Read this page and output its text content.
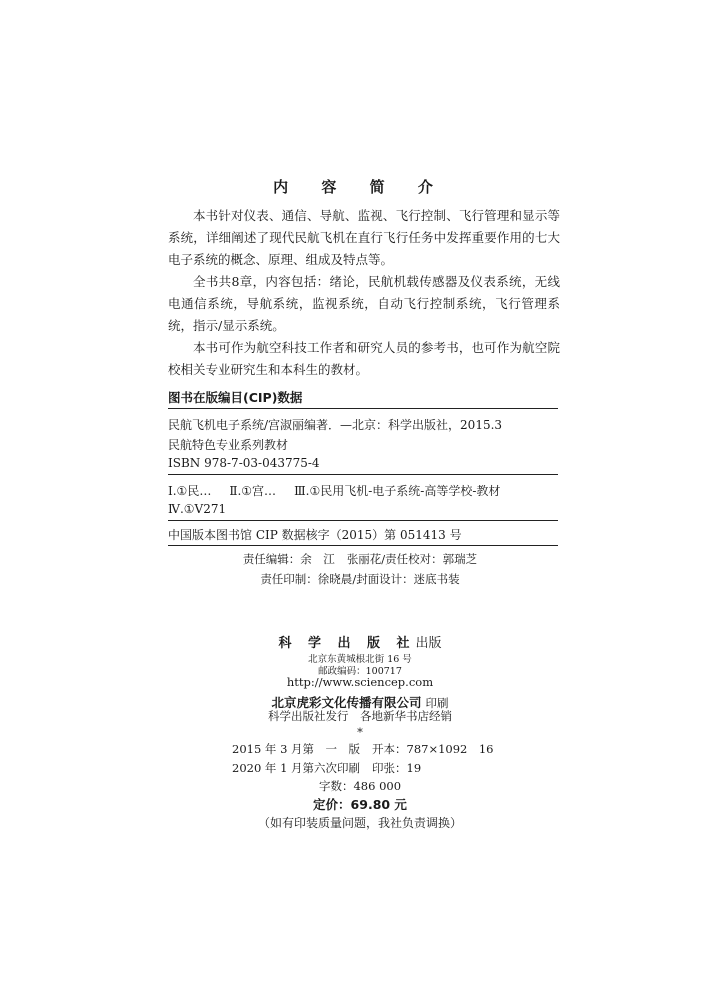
内 容 简 介

本书针对仪表、通信、导航、监视、飞行控制、飞行管理和显示等系统，详细阐述了现代民航飞机在直行飞行任务中发挥重要作用的七大电子系统的概念、原理、组成及特点等。

全书共8章，内容包括：绪论，民航机载传感器及仪表系统，无线电通信系统，导航系统，监视系统，自动飞行控制系统，飞行管理系统，指示/显示系统。

本书可作为航空科技工作者和研究人员的参考书，也可作为航空院校相关专业研究生和本科生的教材。

图书在版编目(CIP)数据
民航飞机电子系统/宫淑丽编著．—北京：科学出版社，2015.3
民航特色专业系列教材
ISBN 978-7-03-043775-4
Ⅰ.①民… Ⅱ.①宫… Ⅲ.①民用飞机-电子系统-高等学校-教材
Ⅳ.①V271
中国版本图书馆 CIP 数据核字（2015）第 051413 号
责任编辑：余　江 张丽花/责任校对：郭瑞芝
责任印制：徐晓晨/封面设计：迷底书装
科 学 出 版 社出版
北京东黄城根北街 16 号
邮政编码：100717
http://www.sciencep.com
北京虎彩文化传播有限公司 印刷
科学出版社发行　各地新华书店经销
*
2015 年 3 月第　一　版 开本：787×1092　16
2020 年 1 月第六次印刷 印张：19
字数：486 000
定价：69.80 元
（如有印装质量问题，我社负责调换）
